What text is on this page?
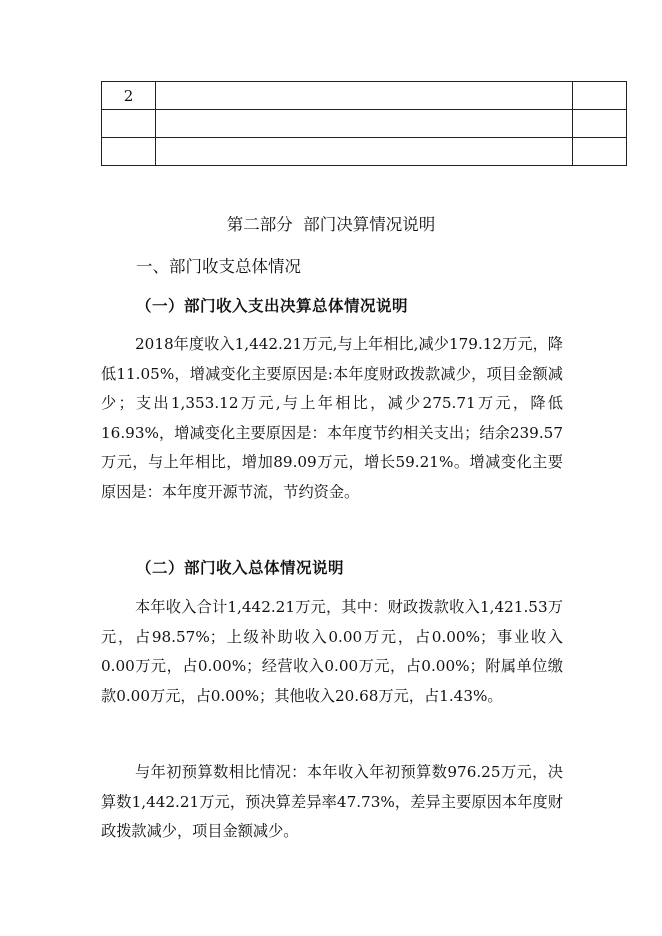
2		

第二部分  部门决算情况说明
一、部门收支总体情况
（一）部门收入支出决算总体情况说明

2018年度收入1,442.21万元,与上年相比,减少179.12万元，降低11.05%，增减变化主要原因是:本年度财政拨款减少，项目金额减少；支出1,353.12万元,与上年相比，减少275.71万元，降低16.93%，增减变化主要原因是：本年度节约相关支出；结余239.57万元，与上年相比，增加89.09万元，增长59.21%。增减变化主要原因是：本年度开源节流，节约资金。

（二）部门收入总体情况说明

本年收入合计1,442.21万元，其中：财政拨款收入1,421.53万元，占98.57%；上级补助收入0.00万元，占0.00%；事业收入0.00万元，占0.00%；经营收入0.00万元，占0.00%；附属单位缴款0.00万元，占0.00%；其他收入20.68万元，占1.43%。

与年初预算数相比情况：本年收入年初预算数976.25万元，决算数1,442.21万元，预决算差异率47.73%，差异主要原因本年度财政拨款减少，项目金额减少。
